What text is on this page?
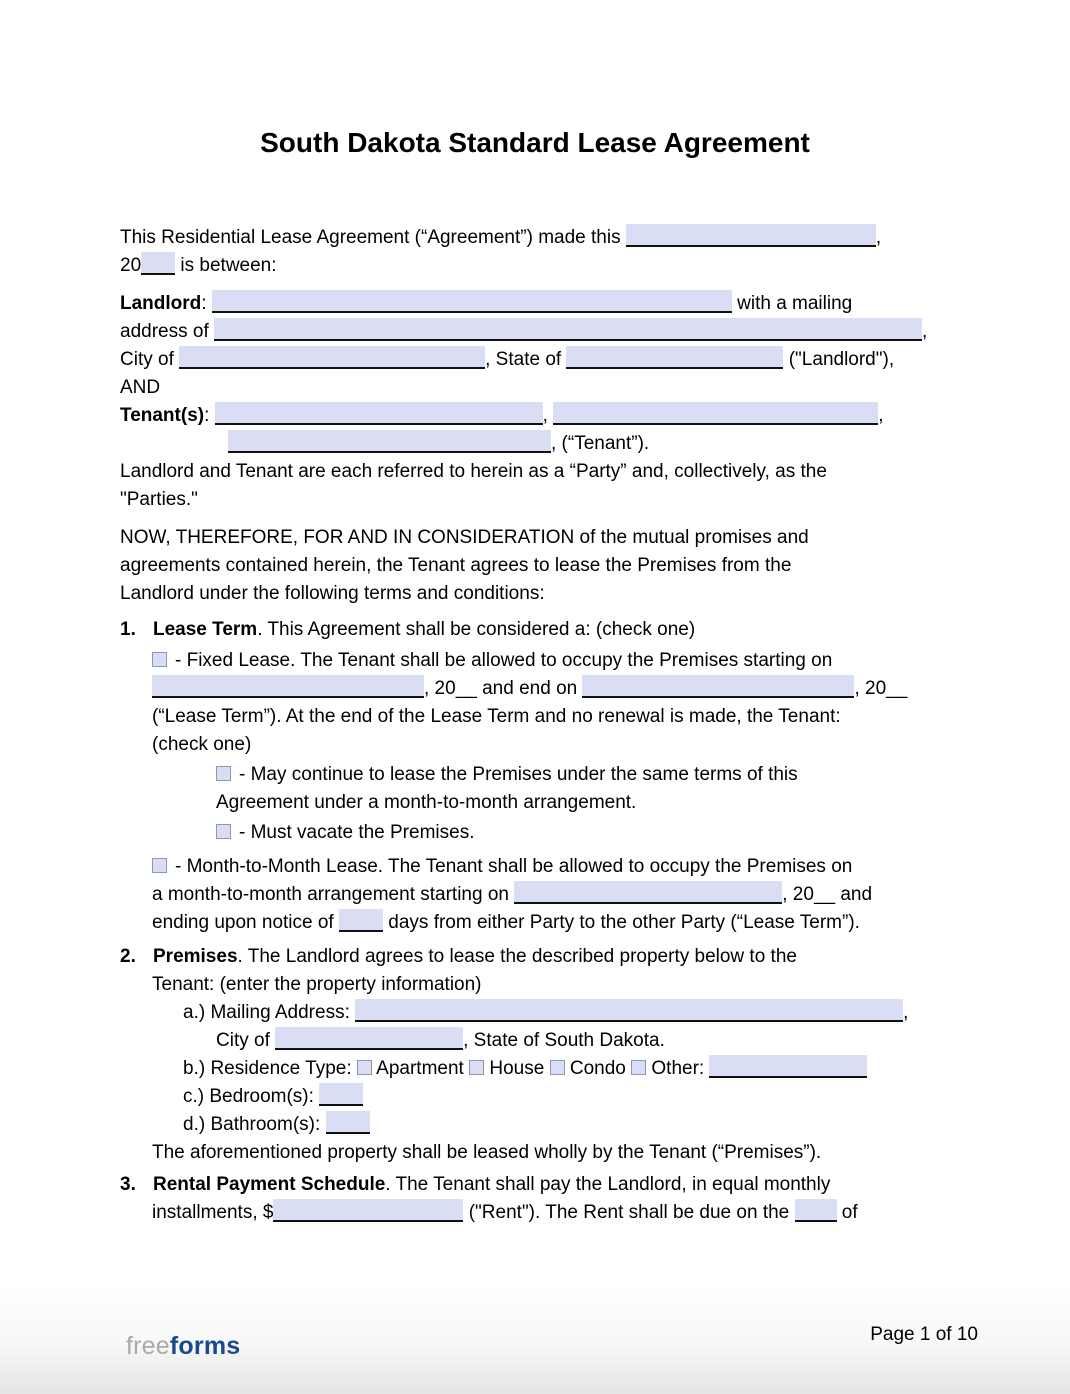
South Dakota Standard Lease Agreement
This Residential Lease Agreement (“Agreement”) made this	,
20 is between:
Landlord:	with a mailing
address of	,
City of	, State of	("Landlord"),
AND
Tenant(s):	,	,
, (“Tenant”).
Landlord and Tenant are each referred to herein as a “Party” and, collectively, as the
"Parties."
NOW, THEREFORE, FOR AND IN CONSIDERATION of the mutual promises and
agreements contained herein, the Tenant agrees to lease the Premises from the
Landlord under the following terms and conditions:
1. Lease Term. This Agreement shall be considered a: (check one)
- Fixed Lease. The Tenant shall be allowed to occupy the Premises starting on
, 20__ and end on	, 20__
(“Lease Term”). At the end of the Lease Term and no renewal is made, the Tenant:
(check one)
- May continue to lease the Premises under the same terms of this
Agreement under a month-to-month arrangement.
- Must vacate the Premises.
- Month-to-Month Lease. The Tenant shall be allowed to occupy the Premises on
a month-to-month arrangement starting on	, 20__ and
ending upon notice of  days from either Party to the other Party (“Lease Term”).
2. Premises. The Landlord agrees to lease the described property below to the
Tenant: (enter the property information)
a.) Mailing Address:	,
City of	, State of South Dakota.
b.) Residence Type:  Apartment  House  Condo  Other:
c.) Bedroom(s):
d.) Bathroom(s):
The aforementioned property shall be leased wholly by the Tenant (“Premises”).
3. Rental Payment Schedule. The Tenant shall pay the Landlord, in equal monthly
installments, $	("Rent"). The Rent shall be due on the  of
freeforms	Page 1 of 10
